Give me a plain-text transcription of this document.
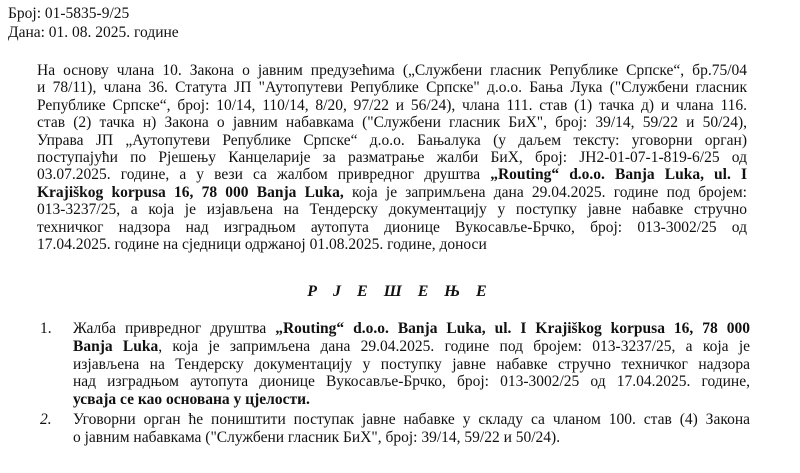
Број: 01-5835-9/25
Дана: 01. 08. 2025. године
На основу члана 10. Закона о јавним предузећима („Службени гласник Републике Српске“, бр.75/04
и 78/11), члана 36. Статута ЈП "Аутопутеви Републике Српске" д.о.о. Бања Лука ("Службени гласник
Републике Српске“, број: 10/14, 110/14, 8/20, 97/22 и 56/24), члана 111. став (1) тачка д) и члана 116.
став (2) тачка н) Закона о јавним набавкама ("Службени гласник БиХ", број: 39/14, 59/22 и 50/24),
Управа ЈП „Аутопутеви Републике Српске“ д.о.о. Бањалука (у даљем тексту: уговорни орган)
поступајући по Рјешењу Канцеларије за разматрање жалби БиХ, број: ЈН2-01-07-1-819-6/25 од
03.07.2025. године, а у вези са жалбом привредног друштва „Routing“ d.o.o. Banja Luka, ul. I
Krajiškog korpusa 16, 78 000 Banja Luka, која је запримљена дана 29.04.2025. године под бројем:
013-3237/25, а која је изјављена на Тендерску документацију у поступку јавне набавке стручно
техничког надзора над изградњом аутопута дионице Вукосавље-Брчко, број: 013-3002/25 од
17.04.2025. године на сједници одржаној 01.08.2025. године, доноси
Р Ј Е Ш Е Њ Е
1. Жалба привредног друштва „Routing“ d.o.o. Banja Luka, ul. I Krajiškog korpusa 16, 78 000
Banja Luka, која је запримљена дана 29.04.2025. године под бројем: 013-3237/25, а која је
изјављена на Тендерску документацију у поступку јавне набавке стручно техничког надзора
над изградњом аутопута дионице Вукосавље-Брчко, број: 013-3002/25 од 17.04.2025. године,
усваја се као основана у цјелости.
2. Уговорни орган ће поништити поступак јавне набавке у складу са чланом 100. став (4) Закона
о јавним набавкама ("Службени гласник БиХ", број: 39/14, 59/22 и 50/24).
